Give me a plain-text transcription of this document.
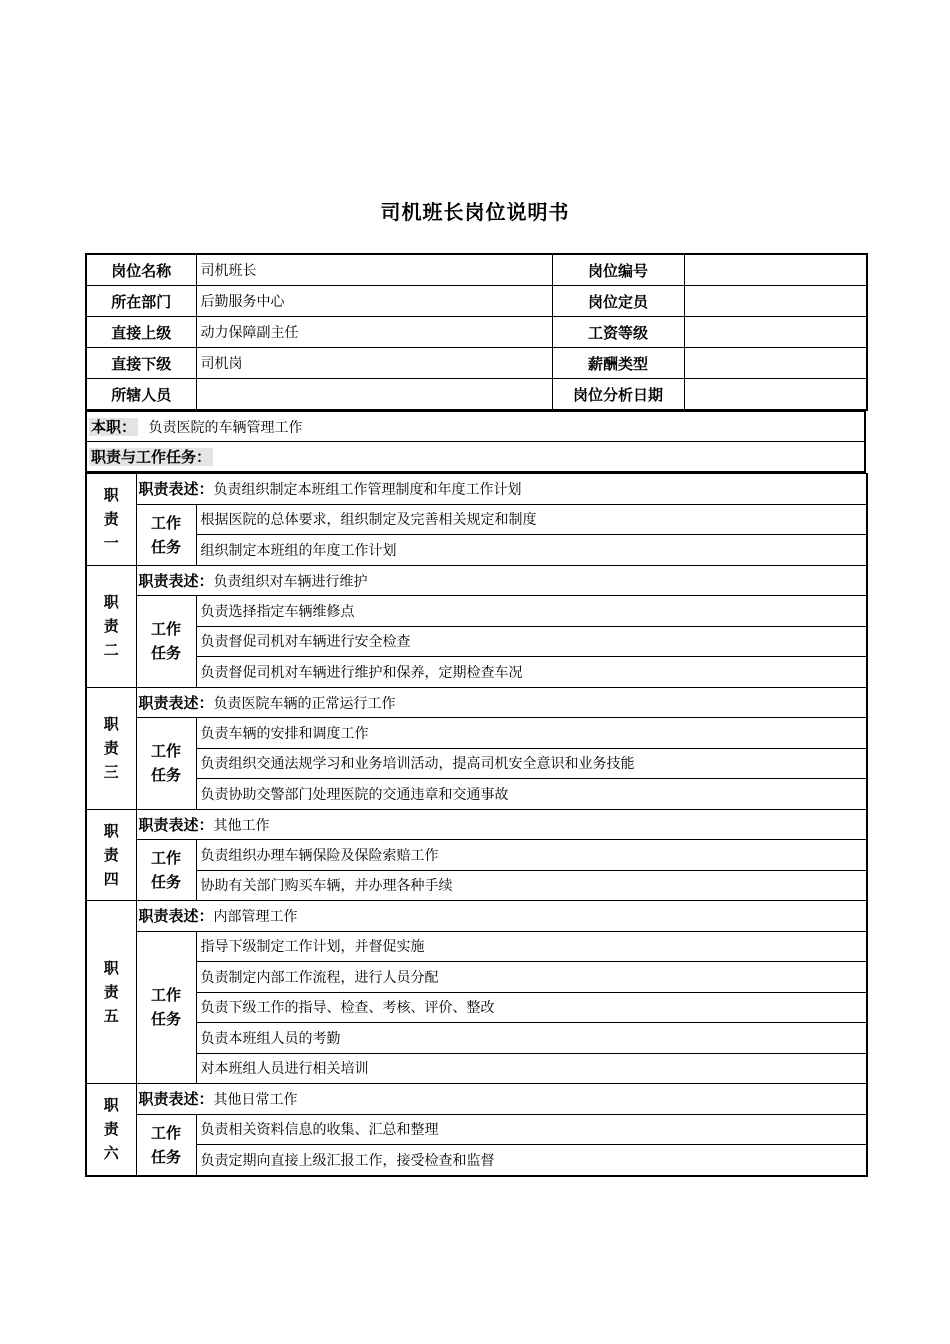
司机班长岗位说明书
岗位名称	司机班长	岗位编号	
所在部门	后勤服务中心	岗位定员	
直接上级	动力保障副主任	工资等级	
直接下级	司机岗	薪酬类型	
所辖人员		岗位分析日期	
本职： 负责医院的车辆管理工作
职责与工作任务：
职
责
一	职责表述：负责组织制定本班组工作管理制度和年度工作计划	

	工作
任务	根据医院的总体要求，组织制定及完善相关规定和制度
		组织制定本班组的年度工作计划

职
责
二	职责表述：负责组织对车辆进行维护	

	工作
任务	负责选择指定车辆维修点
		负责督促司机对车辆进行安全检查
		负责督促司机对车辆进行维护和保养，定期检查车况

职
责
三	职责表述：负责医院车辆的正常运行工作	

	工作
任务	负责车辆的安排和调度工作
		负责组织交通法规学习和业务培训活动，提高司机安全意识和业务技能
		负责协助交警部门处理医院的交通违章和交通事故

职
责
四	职责表述：其他工作	

	工作
任务	负责组织办理车辆保险及保险索赔工作
		协助有关部门购买车辆，并办理各种手续

职
责
五	职责表述：内部管理工作	

	工作
任务	指导下级制定工作计划，并督促实施
		负责制定内部工作流程，进行人员分配
		负责下级工作的指导、检查、考核、评价、整改
		负责本班组人员的考勤
		对本班组人员进行相关培训

职
责
六	职责表述：其他日常工作	

	工作
任务	负责相关资料信息的收集、汇总和整理
		负责定期向直接上级汇报工作，接受检查和监督
